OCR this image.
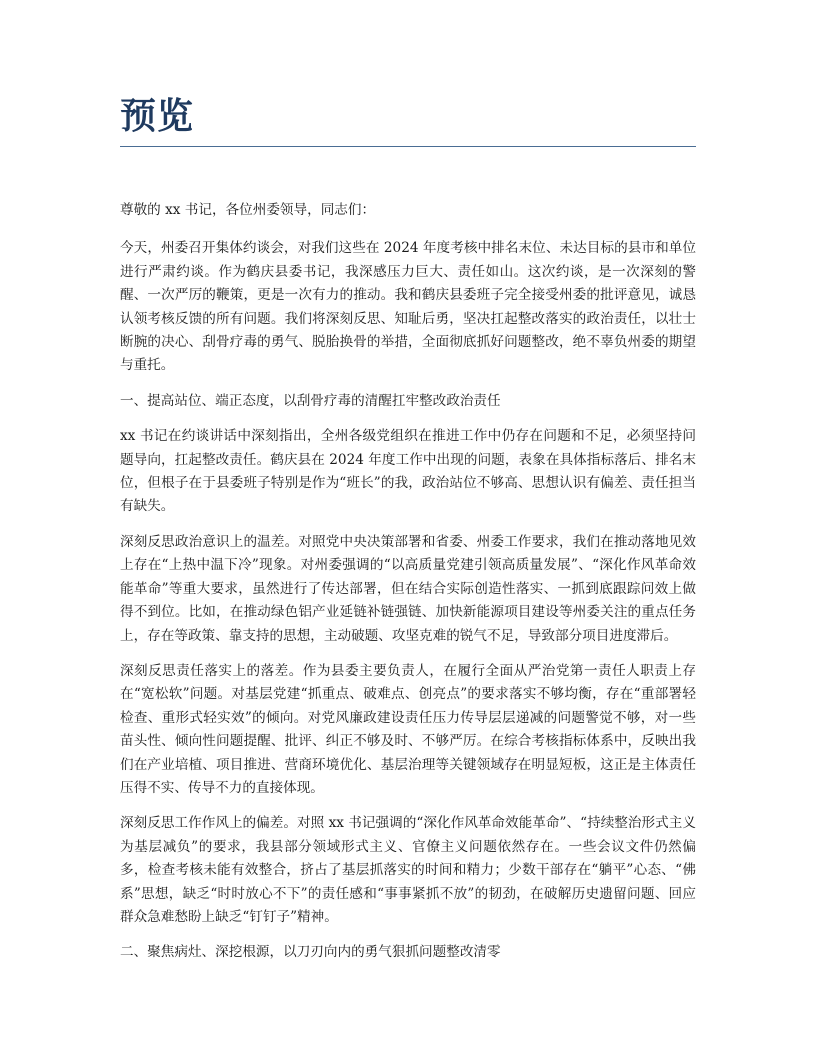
预览

尊敬的 xx 书记，各位州委领导，同志们：

今天，州委召开集体约谈会，对我们这些在 2024 年度考核中排名末位、未达目标的县市和单位进行严肃约谈。作为鹤庆县委书记，我深感压力巨大、责任如山。这次约谈，是一次深刻的警醒、一次严厉的鞭策，更是一次有力的推动。我和鹤庆县委班子完全接受州委的批评意见，诚恳认领考核反馈的所有问题。我们将深刻反思、知耻后勇，坚决扛起整改落实的政治责任，以壮士断腕的决心、刮骨疗毒的勇气、脱胎换骨的举措，全面彻底抓好问题整改，绝不辜负州委的期望与重托。

一、提高站位、端正态度，以刮骨疗毒的清醒扛牢整改政治责任

xx 书记在约谈讲话中深刻指出，全州各级党组织在推进工作中仍存在问题和不足，必须坚持问题导向，扛起整改责任。鹤庆县在 2024 年度工作中出现的问题，表象在具体指标落后、排名末位，但根子在于县委班子特别是作为“班长”的我，政治站位不够高、思想认识有偏差、责任担当有缺失。

深刻反思政治意识上的温差。对照党中央决策部署和省委、州委工作要求，我们在推动落地见效上存在“上热中温下冷”现象。对州委强调的“以高质量党建引领高质量发展”、“深化作风革命效能革命”等重大要求，虽然进行了传达部署，但在结合实际创造性落实、一抓到底跟踪问效上做得不到位。比如，在推动绿色铝产业延链补链强链、加快新能源项目建设等州委关注的重点任务上，存在等政策、靠支持的思想，主动破题、攻坚克难的锐气不足，导致部分项目进度滞后。

深刻反思责任落实上的落差。作为县委主要负责人，在履行全面从严治党第一责任人职责上存在“宽松软”问题。对基层党建“抓重点、破难点、创亮点”的要求落实不够均衡，存在“重部署轻检查、重形式轻实效”的倾向。对党风廉政建设责任压力传导层层递减的问题警觉不够，对一些苗头性、倾向性问题提醒、批评、纠正不够及时、不够严厉。在综合考核指标体系中，反映出我们在产业培植、项目推进、营商环境优化、基层治理等关键领域存在明显短板，这正是主体责任压得不实、传导不力的直接体现。

深刻反思工作作风上的偏差。对照 xx 书记强调的“深化作风革命效能革命”、“持续整治形式主义为基层减负”的要求，我县部分领域形式主义、官僚主义问题依然存在。一些会议文件仍然偏多，检查考核未能有效整合，挤占了基层抓落实的时间和精力；少数干部存在“躺平”心态、“佛系”思想，缺乏“时时放心不下”的责任感和“事事紧抓不放”的韧劲，在破解历史遗留问题、回应群众急难愁盼上缺乏“钉钉子”精神。

二、聚焦病灶、深挖根源，以刀刃向内的勇气狠抓问题整改清零
